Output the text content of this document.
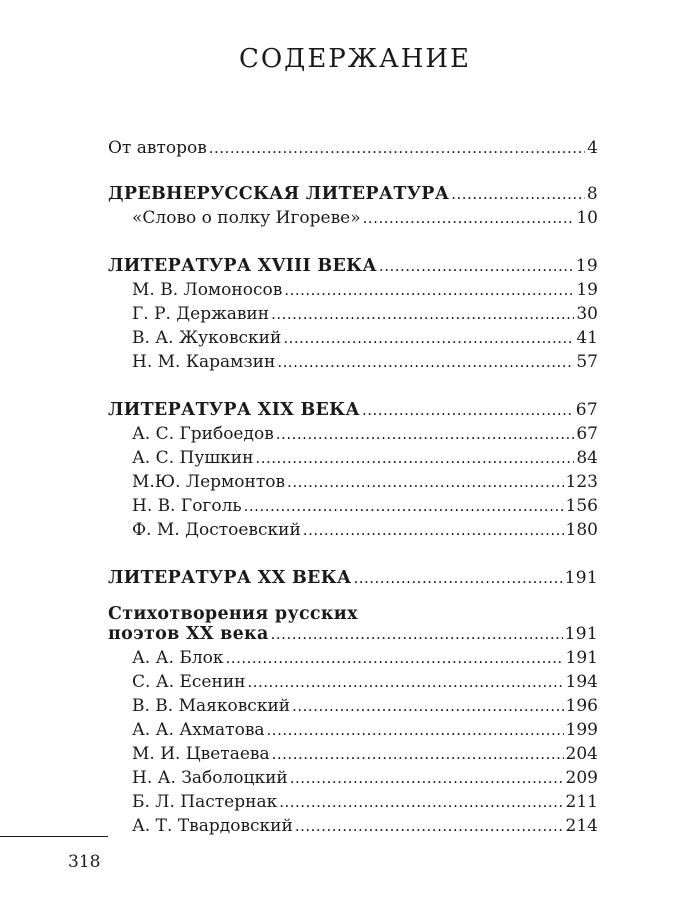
СОДЕРЖАНИЕ
От авторов .....	4
ДРЕВНЕРУССКАЯ ЛИТЕРАТУРА .....	8
«Слово о полку Игореве» .....	10
ЛИТЕРАТУРА XVIII ВЕКА .....	19
М. В. Ломоносов .....	19
Г. Р. Державин .....	30
В. А. Жуковский .....	41
Н. М. Карамзин .....	57
ЛИТЕРАТУРА XIX ВЕКА .....	67
А. С. Грибоедов .....	67
А. С. Пушкин .....	84
М.Ю. Лермонтов .....	123
Н. В. Гоголь .....	156
Ф. М. Достоевский .....	180
ЛИТЕРАТУРА XX ВЕКА .....	191
Стихотворения русских
поэтов XX века .....	191
А. А. Блок .....	191
С. А. Есенин .....	194
В. В. Маяковский .....	196
А. А. Ахматова .....	199
М. И. Цветаева .....	204
Н. А. Заболоцкий .....	209
Б. Л. Пастернак .....	211
А. Т. Твардовский .....	214
318
